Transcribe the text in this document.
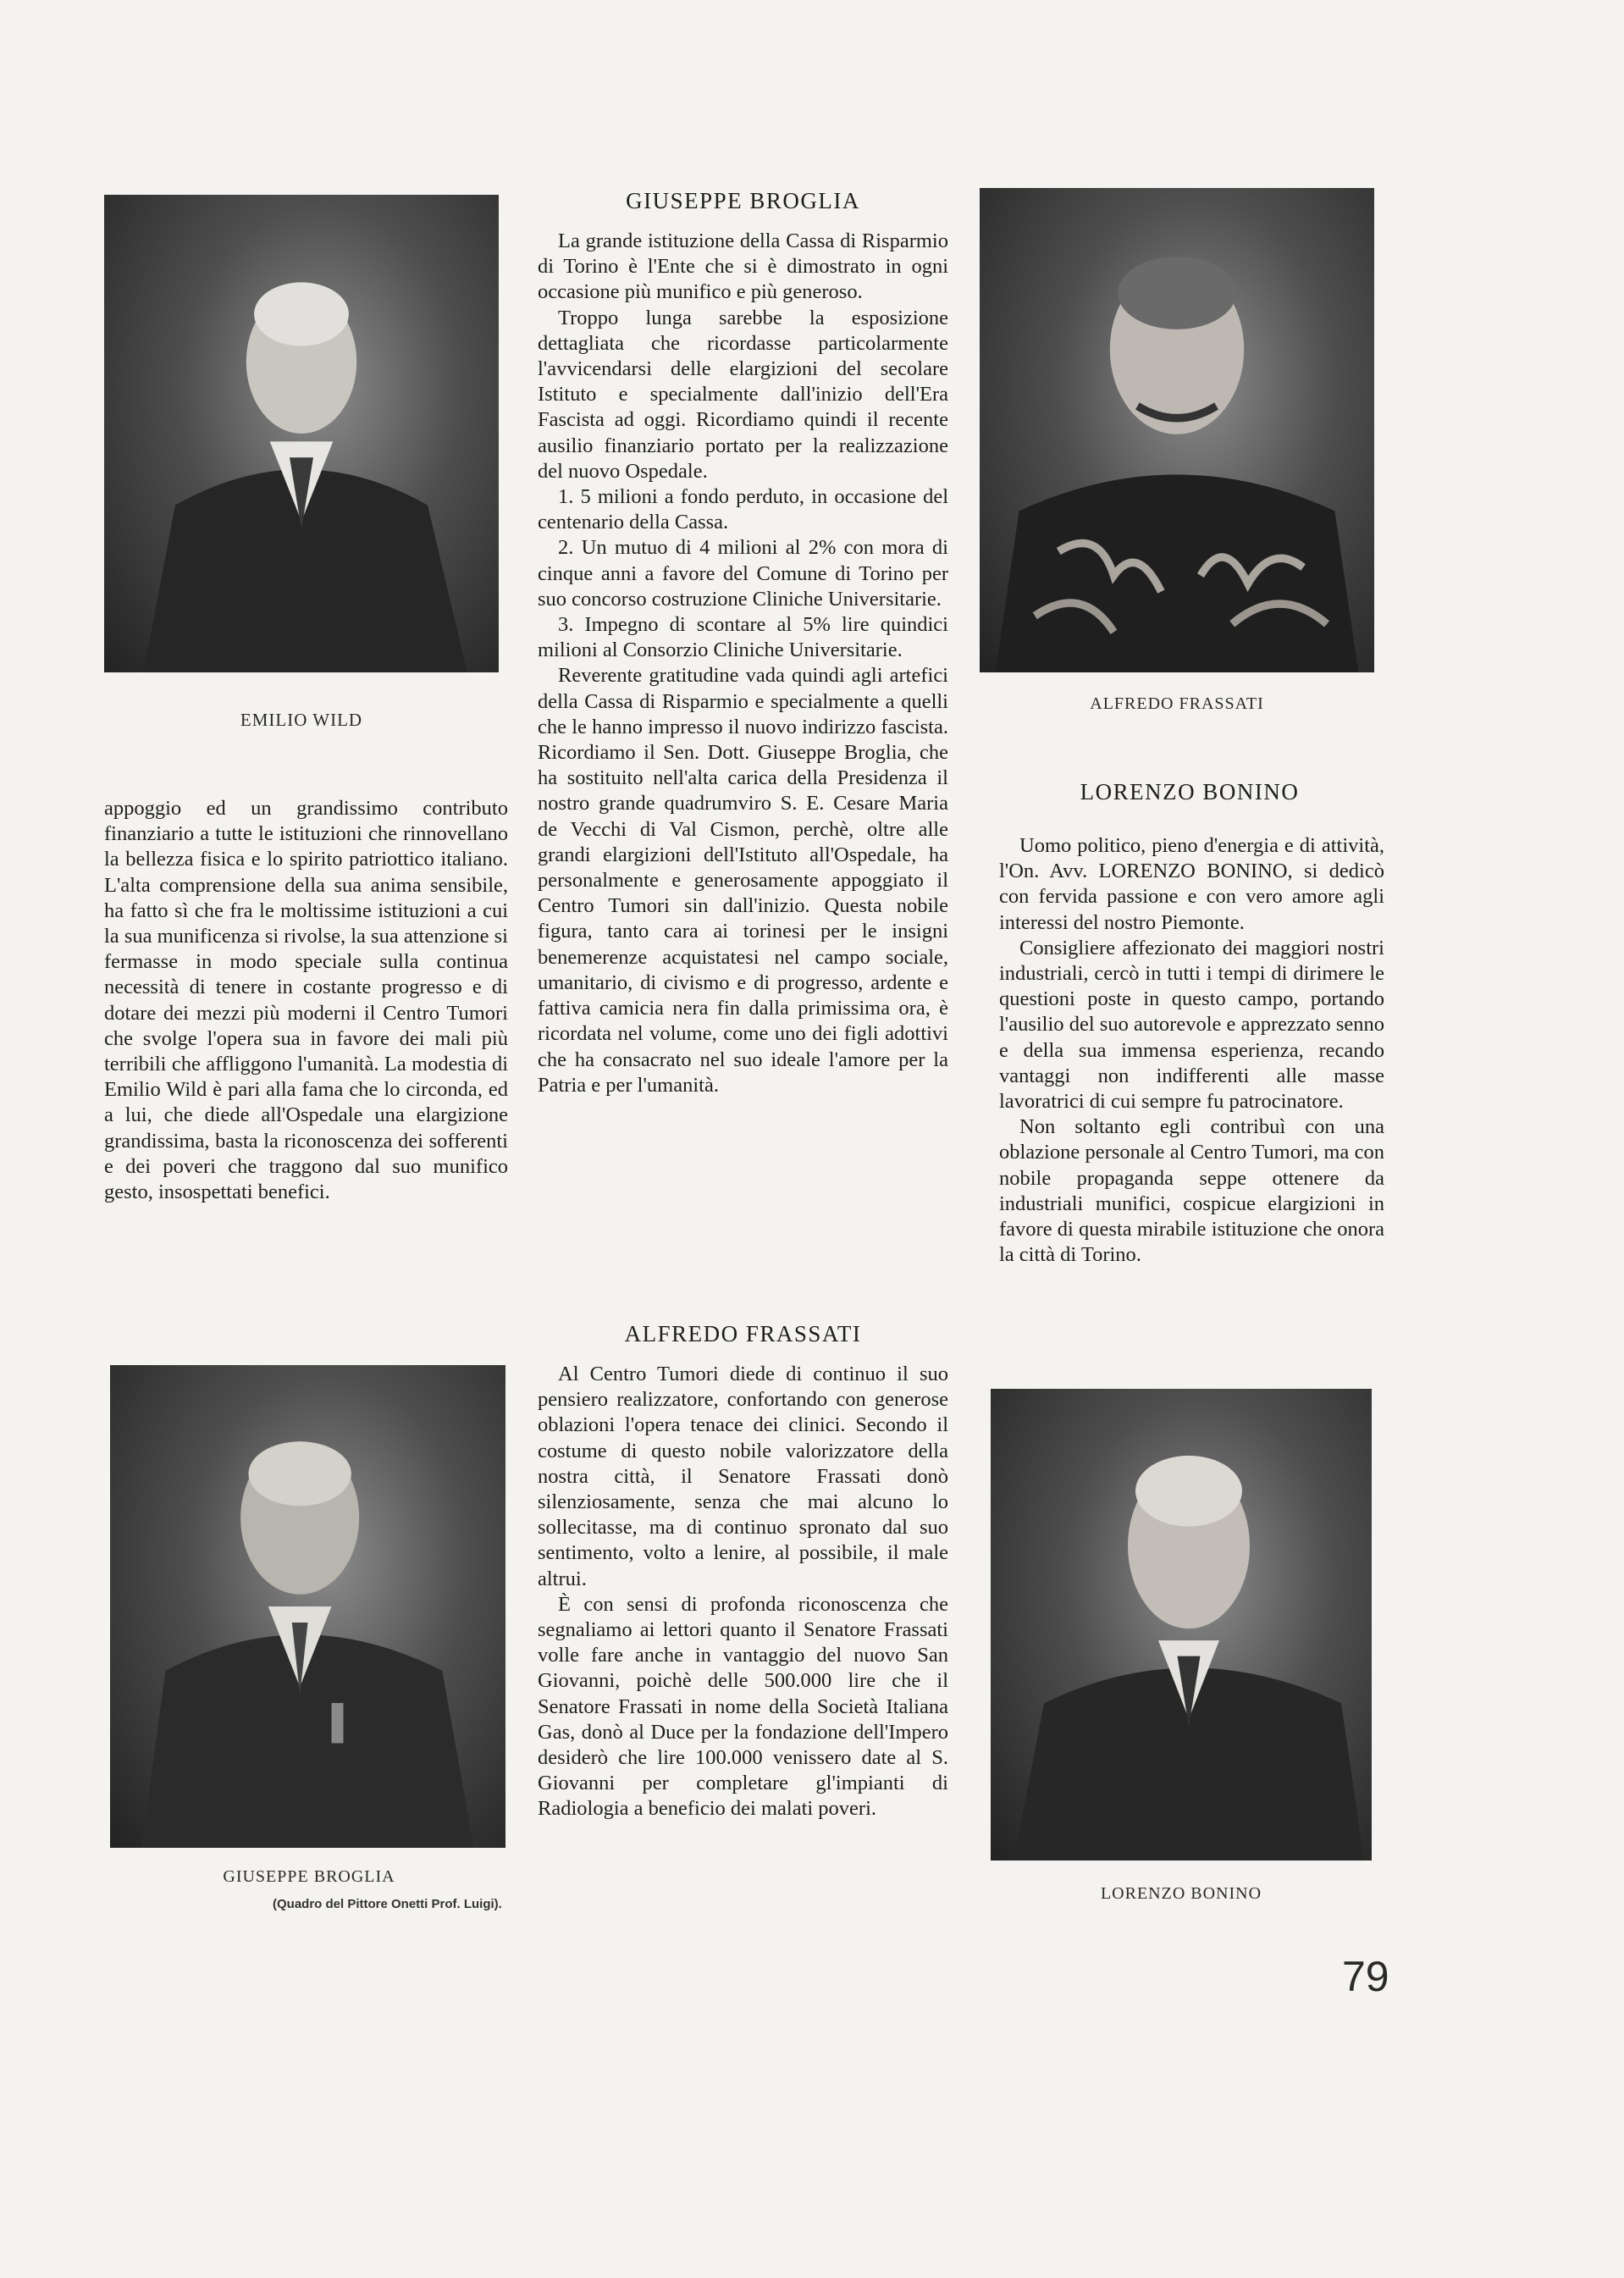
EMILIO WILD

appoggio ed un grandissimo contributo finanziario a tutte le istituzioni che rinnovellano la bellezza fisica e lo spirito patriottico italiano. L'alta comprensione della sua anima sensibile, ha fatto sì che fra le moltissime istituzioni a cui la sua munificenza si rivolse, la sua attenzione si fermasse in modo speciale sulla continua necessità di tenere in costante progresso e di dotare dei mezzi più moderni il Centro Tumori che svolge l'opera sua in favore dei mali più terribili che affliggono l'umanità. La modestia di Emilio Wild è pari alla fama che lo circonda, ed a lui, che diede all'Ospedale una elargizione grandissima, basta la riconoscenza dei sofferenti e dei poveri che traggono dal suo munifico gesto, insospettati benefici.

GIUSEPPE BROGLIA
(Quadro del Pittore Onetti Prof. Luigi).
GIUSEPPE BROGLIA

La grande istituzione della Cassa di Risparmio di Torino è l'Ente che si è dimostrato in ogni occasione più munifico e più generoso.

Troppo lunga sarebbe la esposizione dettagliata che ricordasse particolarmente l'avvicendarsi delle elargizioni del secolare Istituto e specialmente dall'inizio dell'Era Fascista ad oggi. Ricordiamo quindi il recente ausilio finanziario portato per la realizzazione del nuovo Ospedale.

1. 5 milioni a fondo perduto, in occasione del centenario della Cassa.

2. Un mutuo di 4 milioni al 2% con mora di cinque anni a favore del Comune di Torino per suo concorso costruzione Cliniche Universitarie.

3. Impegno di scontare al 5% lire quindici milioni al Consorzio Cliniche Universitarie.

Reverente gratitudine vada quindi agli artefici della Cassa di Risparmio e specialmente a quelli che le hanno impresso il nuovo indirizzo fascista. Ricordiamo il Sen. Dott. Giuseppe Broglia, che ha sostituito nell'alta carica della Presidenza il nostro grande quadrumviro S. E. Cesare Maria de Vecchi di Val Cismon, perchè, oltre alle grandi elargizioni dell'Istituto all'Ospedale, ha personalmente e generosamente appoggiato il Centro Tumori sin dall'inizio. Questa nobile figura, tanto cara ai torinesi per le insigni benemerenze acquistatesi nel campo sociale, umanitario, di civismo e di progresso, ardente e fattiva camicia nera fin dalla primissima ora, è ricordata nel volume, come uno dei figli adottivi che ha consacrato nel suo ideale l'amore per la Patria e per l'umanità.

ALFREDO FRASSATI

Al Centro Tumori diede di continuo il suo pensiero realizzatore, confortando con generose oblazioni l'opera tenace dei clinici. Secondo il costume di questo nobile valorizzatore della nostra città, il Senatore Frassati donò silenziosamente, senza che mai alcuno lo sollecitasse, ma di continuo spronato dal suo sentimento, volto a lenire, al possibile, il male altrui.

È con sensi di profonda riconoscenza che segnaliamo ai lettori quanto il Senatore Frassati volle fare anche in vantaggio del nuovo San Giovanni, poichè delle 500.000 lire che il Senatore Frassati in nome della Società Italiana Gas, donò al Duce per la fondazione dell'Impero desiderò che lire 100.000 venissero date al S. Giovanni per completare gl'impianti di Radiologia a beneficio dei malati poveri.

ALFREDO FRASSATI
LORENZO BONINO

Uomo politico, pieno d'energia e di attività, l'On. Avv. LORENZO BONINO, si dedicò con fervida passione e con vero amore agli interessi del nostro Piemonte.

Consigliere affezionato dei maggiori nostri industriali, cercò in tutti i tempi di dirimere le questioni poste in questo campo, portando l'ausilio del suo autorevole e apprezzato senno e della sua immensa esperienza, recando vantaggi non indifferenti alle masse lavoratrici di cui sempre fu patrocinatore.

Non soltanto egli contribuì con una oblazione personale al Centro Tumori, ma con nobile propaganda seppe ottenere da industriali munifici, cospicue elargizioni in favore di questa mirabile istituzione che onora la città di Torino.

LORENZO BONINO
79
